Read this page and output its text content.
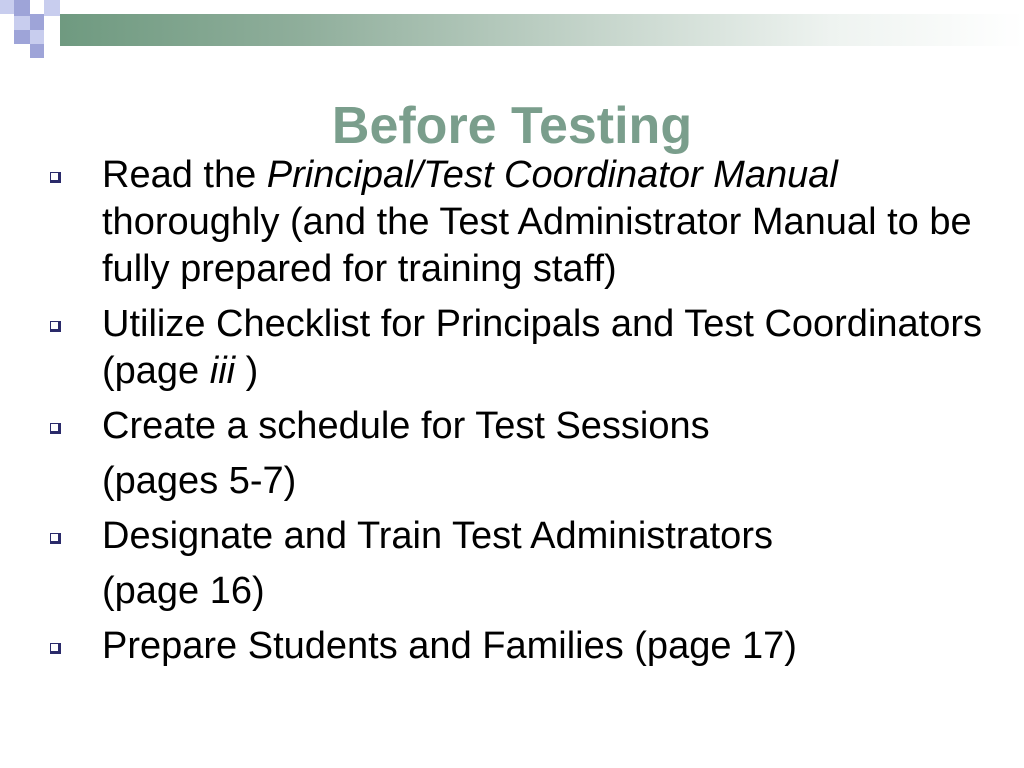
Before Testing
Read the Principal/Test Coordinator Manual thoroughly (and the Test Administrator Manual to be fully prepared for training staff)
Utilize Checklist for Principals and Test Coordinators (page iii )
Create a schedule for Test Sessions
(pages 5-7)
Designate and Train Test Administrators
(page 16)
Prepare Students and Families (page 17)
